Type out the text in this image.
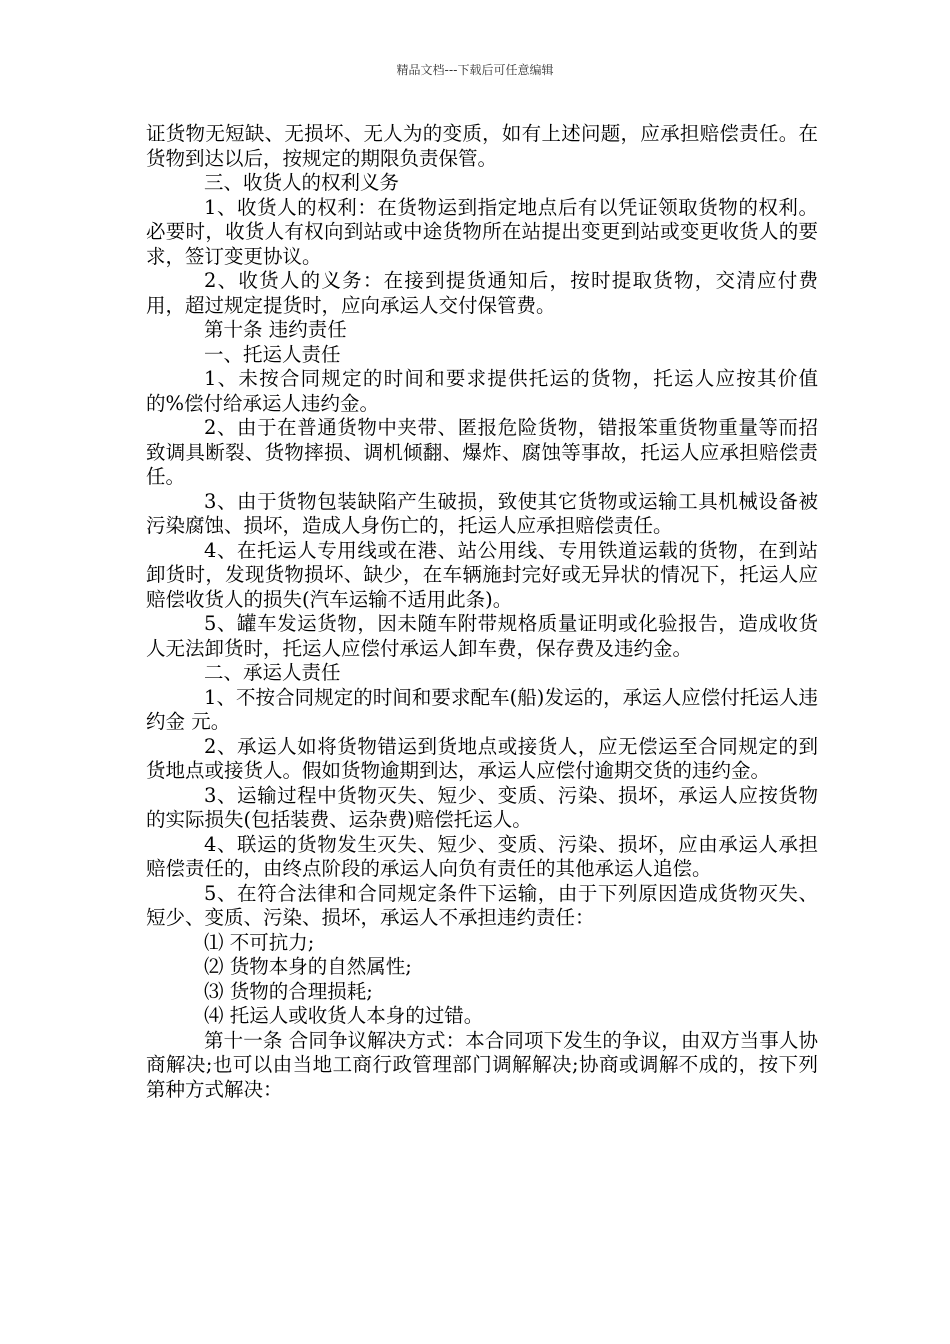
精品文档---下载后可任意编辑

证货物无短缺、无损坏、无人为的变质，如有上述问题，应承担赔偿责任。在货物到达以后，按规定的期限负责保管。

三、收货人的权利义务

1、收货人的权利：在货物运到指定地点后有以凭证领取货物的权利。必要时，收货人有权向到站或中途货物所在站提出变更到站或变更收货人的要求，签订变更协议。

2、收货人的义务：在接到提货通知后，按时提取货物，交清应付费用，超过规定提货时，应向承运人交付保管费。

第十条 违约责任

一、托运人责任

1、未按合同规定的时间和要求提供托运的货物，托运人应按其价值的%偿付给承运人违约金。

2、由于在普通货物中夹带、匿报危险货物，错报笨重货物重量等而招致调具断裂、货物摔损、调机倾翻、爆炸、腐蚀等事故，托运人应承担赔偿责任。

3、由于货物包装缺陷产生破损，致使其它货物或运输工具机械设备被污染腐蚀、损坏，造成人身伤亡的，托运人应承担赔偿责任。

4、在托运人专用线或在港、站公用线、专用铁道运载的货物，在到站卸货时，发现货物损坏、缺少，在车辆施封完好或无异状的情况下，托运人应赔偿收货人的损失(汽车运输不适用此条)。

5、罐车发运货物，因未随车附带规格质量证明或化验报告，造成收货人无法卸货时，托运人应偿付承运人卸车费，保存费及违约金。

二、承运人责任

1、不按合同规定的时间和要求配车(船)发运的，承运人应偿付托运人违约金 元。

2、承运人如将货物错运到货地点或接货人，应无偿运至合同规定的到货地点或接货人。假如货物逾期到达，承运人应偿付逾期交货的违约金。

3、运输过程中货物灭失、短少、变质、污染、损坏，承运人应按货物的实际损失(包括装费、运杂费)赔偿托运人。

4、联运的货物发生灭失、短少、变质、污染、损坏，应由承运人承担赔偿责任的，由终点阶段的承运人向负有责任的其他承运人追偿。

5、在符合法律和合同规定条件下运输，由于下列原因造成货物灭失、短少、变质、污染、损坏，承运人不承担违约责任：

⑴ 不可抗力;

⑵ 货物本身的自然属性;

⑶ 货物的合理损耗;

⑷ 托运人或收货人本身的过错。

第十一条 合同争议解决方式：本合同项下发生的争议，由双方当事人协商解决;也可以由当地工商行政管理部门调解解决;协商或调解不成的，按下列第种方式解决：
